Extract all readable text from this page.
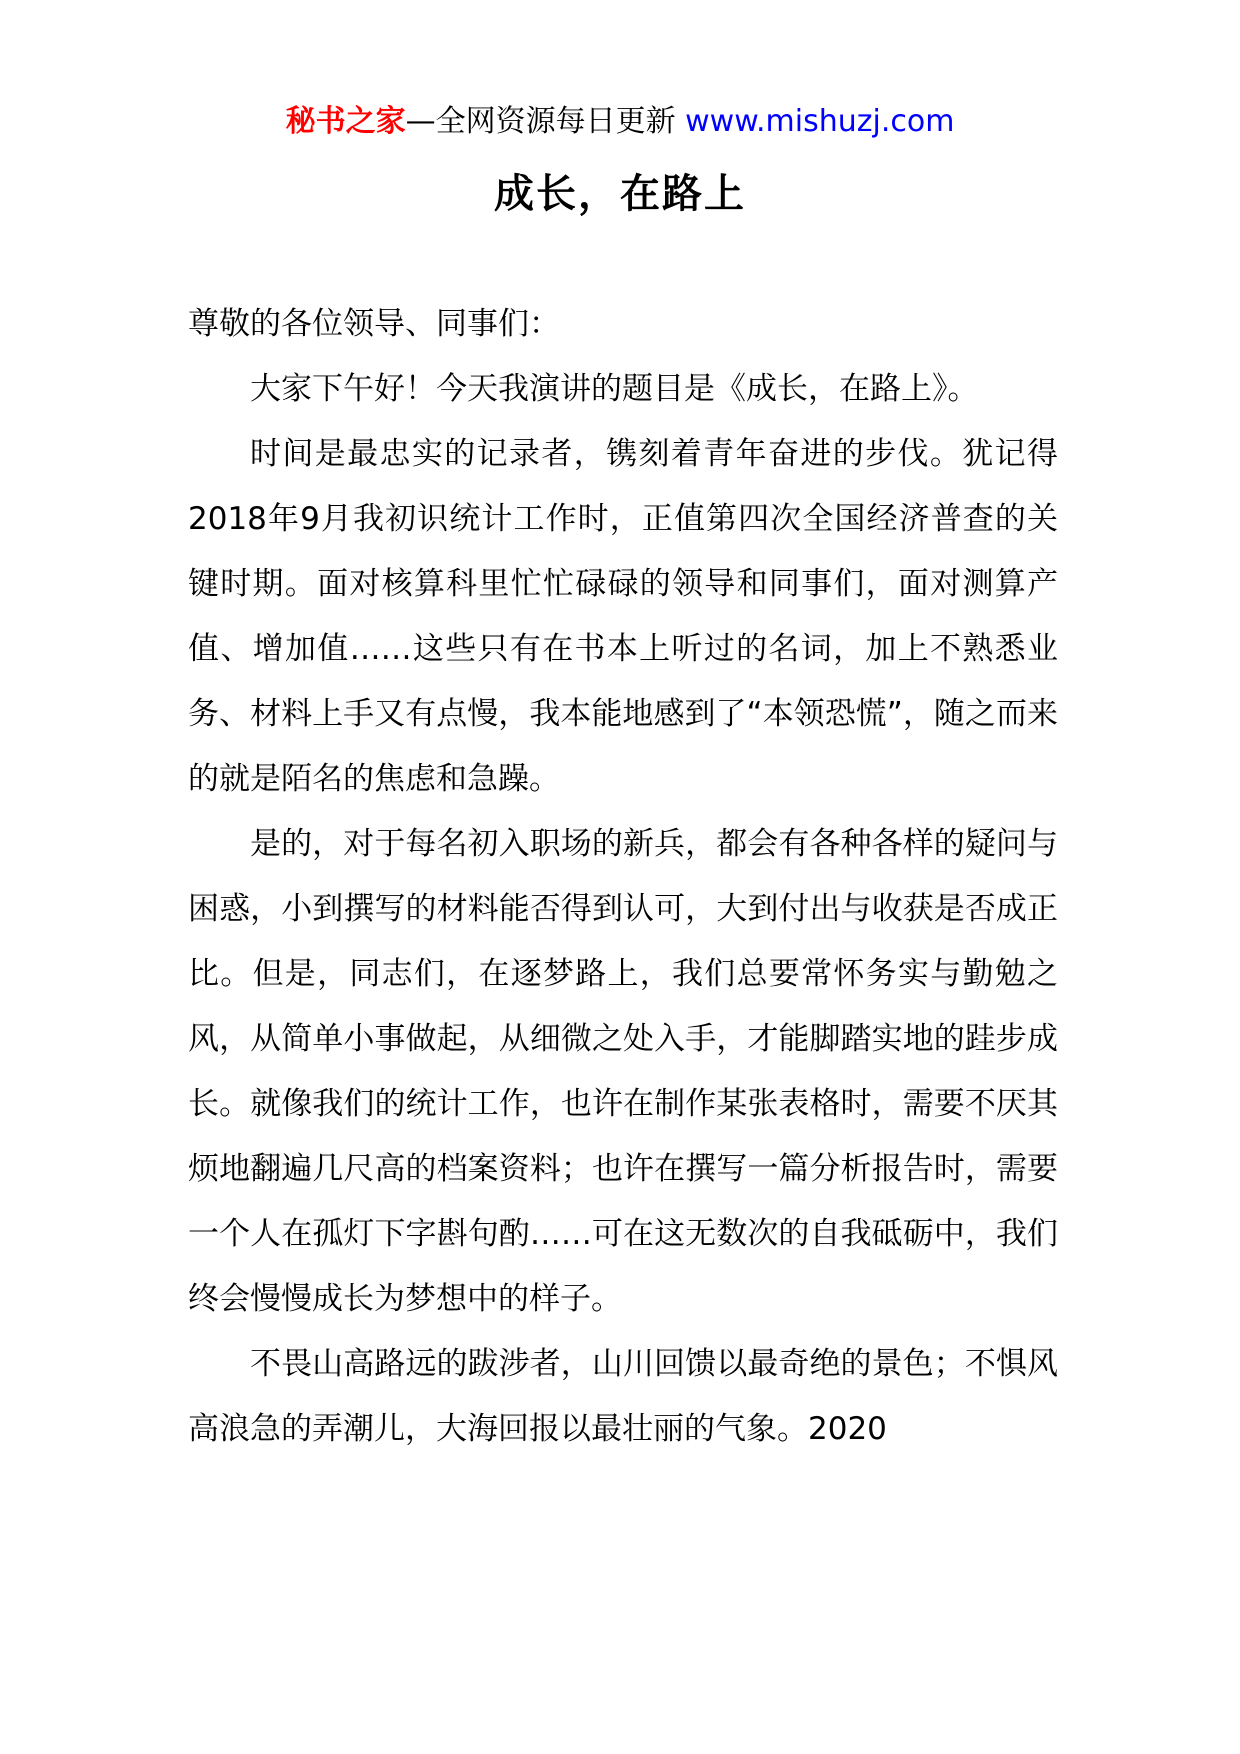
秘书之家—全网资源每日更新 www.mishuzj.com
成长，在路上

尊敬的各位领导、同事们：

大家下午好！今天我演讲的题目是《成长，在路上》。

时间是最忠实的记录者，镌刻着青年奋进的步伐。犹记得2018年9月我初识统计工作时，正值第四次全国经济普查的关键时期。面对核算科里忙忙碌碌的领导和同事们，面对测算产值、增加值……这些只有在书本上听过的名词，加上不熟悉业务、材料上手又有点慢，我本能地感到了“本领恐慌”，随之而来的就是陌名的焦虑和急躁。

是的，对于每名初入职场的新兵，都会有各种各样的疑问与困惑，小到撰写的材料能否得到认可，大到付出与收获是否成正比。但是，同志们，在逐梦路上，我们总要常怀务实与勤勉之风，从简单小事做起，从细微之处入手，才能脚踏实地的跬步成长。就像我们的统计工作，也许在制作某张表格时，需要不厌其烦地翻遍几尺高的档案资料；也许在撰写一篇分析报告时，需要一个人在孤灯下字斟句酌……可在这无数次的自我砥砺中，我们终会慢慢成长为梦想中的样子。

不畏山高路远的跋涉者，山川回馈以最奇绝的景色；不惧风高浪急的弄潮儿，大海回报以最壮丽的气象。2020
